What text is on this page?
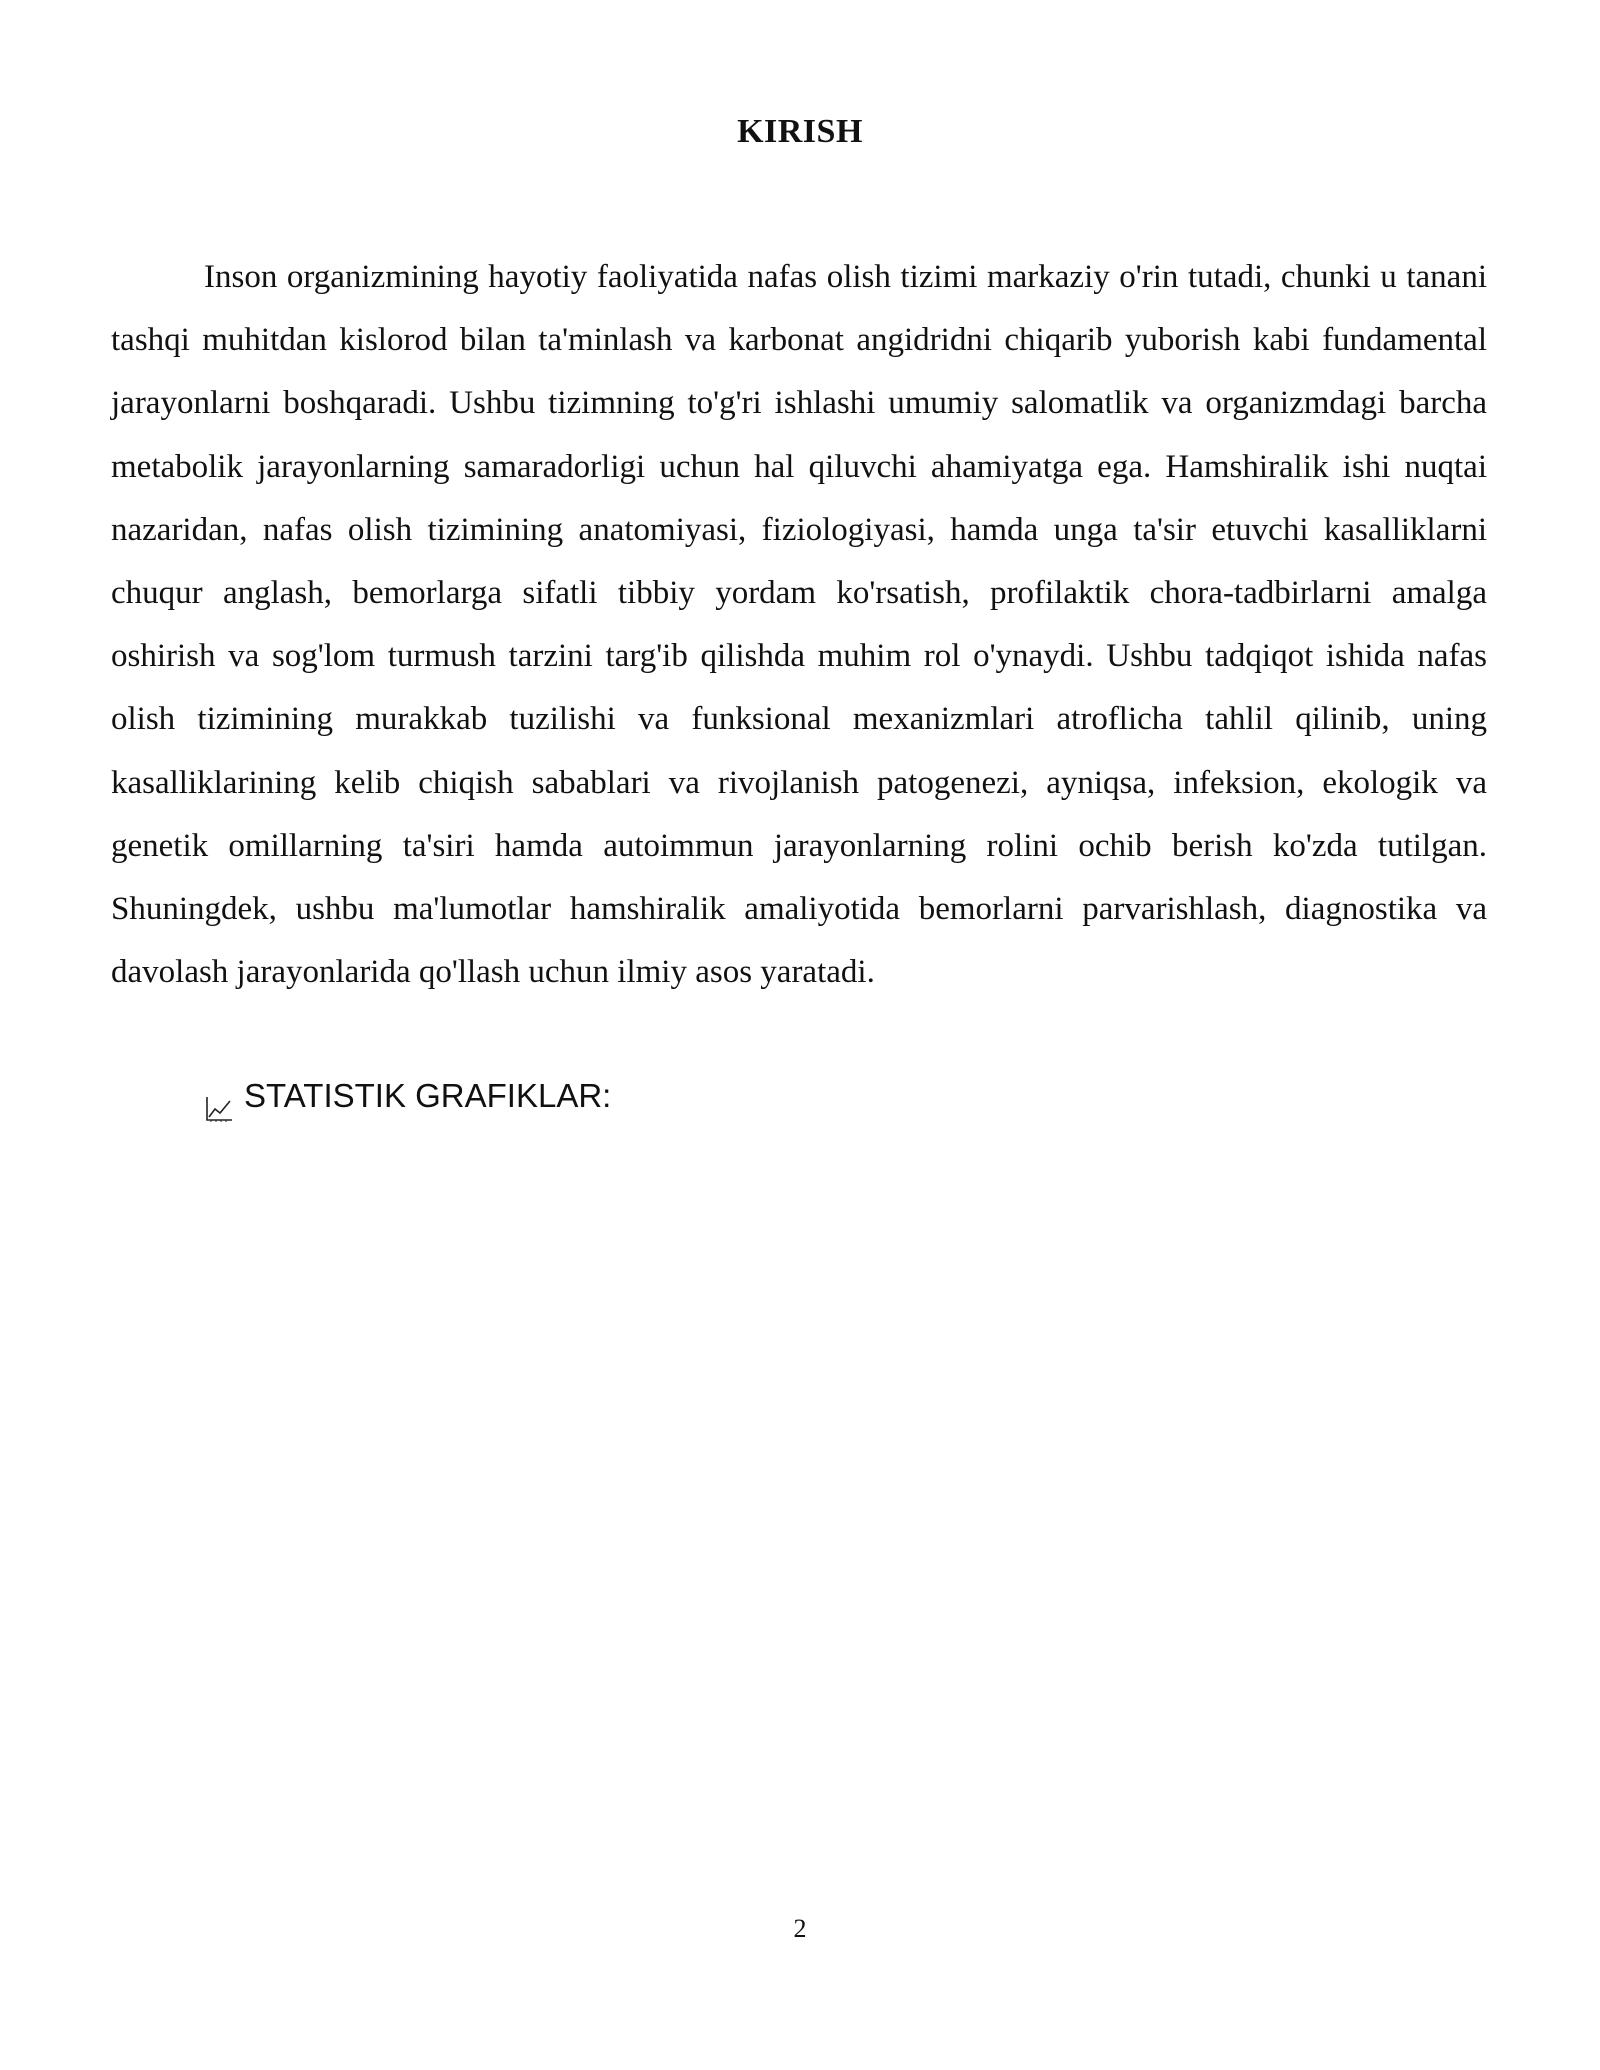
KIRISH

Inson organizmining hayotiy faoliyatida nafas olish tizimi markaziy o'rin tutadi, chunki u tanani tashqi muhitdan kislorod bilan ta'minlash va karbonat angidridni chiqarib yuborish kabi fundamental jarayonlarni boshqaradi. Ushbu tizimning to'g'ri ishlashi umumiy salomatlik va organizmdagi barcha metabolik jarayonlarning samaradorligi uchun hal qiluvchi ahamiyatga ega. Hamshiralik ishi nuqtai nazaridan, nafas olish tizimining anatomiyasi, fiziologiyasi, hamda unga ta'sir etuvchi kasalliklarni chuqur anglash, bemorlarga sifatli tibbiy yordam ko'rsatish, profilaktik chora-tadbirlarni amalga oshirish va sog'lom turmush tarzini targ'ib qilishda muhim rol o'ynaydi. Ushbu tadqiqot ishida nafas olish tizimining murakkab tuzilishi va funksional mexanizmlari atroflicha tahlil qilinib, uning kasalliklarining kelib chiqish sabablari va rivojlanish patogenezi, ayniqsa, infeksion, ekologik va genetik omillarning ta'siri hamda autoimmun jarayonlarning rolini ochib berish ko'zda tutilgan. Shuningdek, ushbu ma'lumotlar hamshiralik amaliyotida bemorlarni parvarishlash, diagnostika va davolash jarayonlarida qo'llash uchun ilmiy asos yaratadi.

STATISTIK GRAFIKLAR:
2
